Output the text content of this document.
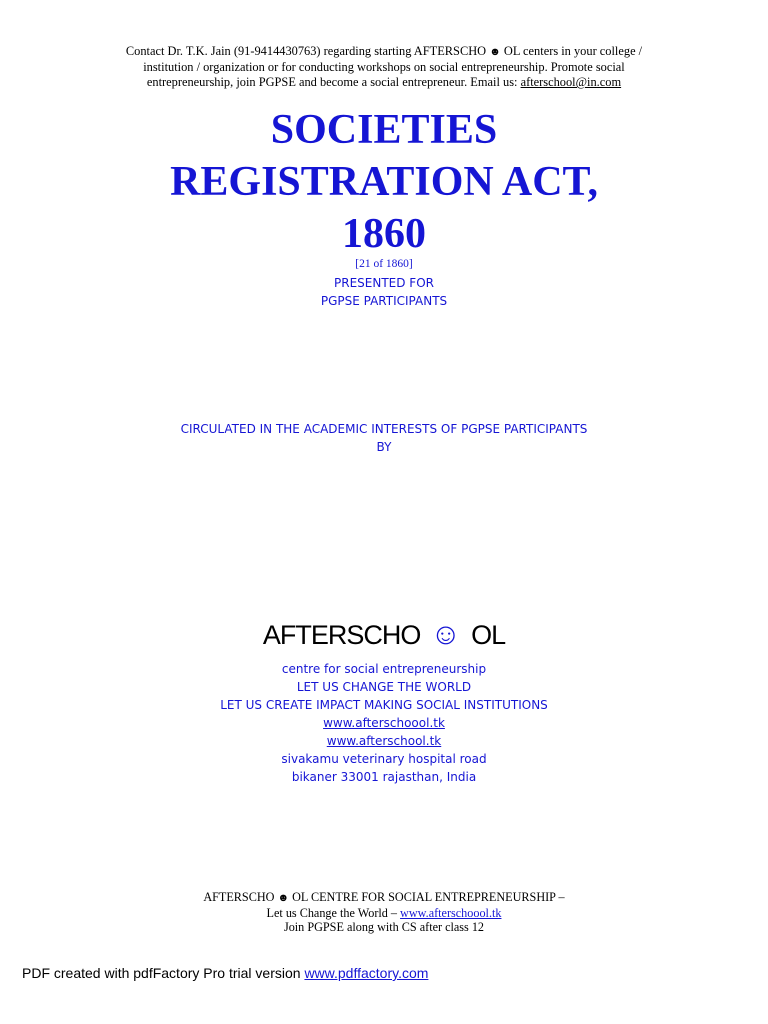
Contact Dr. T.K. Jain (91-9414430763) regarding starting AFTERSCHO ☻ OL centers in your college /
institution / organization or for conducting workshops on social entrepreneurship. Promote social
entrepreneurship, join PGPSE and become a social entrepreneur. Email us: afterschool@in.com
SOCIETIES
REGISTRATION ACT,
1860
[21 of 1860]
PRESENTED FOR
PGPSE PARTICIPANTS
CIRCULATED IN THE ACADEMIC INTERESTS OF PGPSE PARTICIPANTS
BY
AFTERSCHO ☺ OL
centre for social entrepreneurship
LET US CHANGE THE WORLD
LET US CREATE IMPACT MAKING SOCIAL INSTITUTIONS
www.afterschoool.tk
www.afterschool.tk
sivakamu veterinary hospital road
bikaner 33001 rajasthan, India
AFTERSCHO ☻ OL CENTRE FOR SOCIAL ENTREPRENEURSHIP –
Let us Change the World – www.afterschoool.tk
Join PGPSE along with CS after class 12
PDF created with pdfFactory Pro trial version www.pdffactory.com
